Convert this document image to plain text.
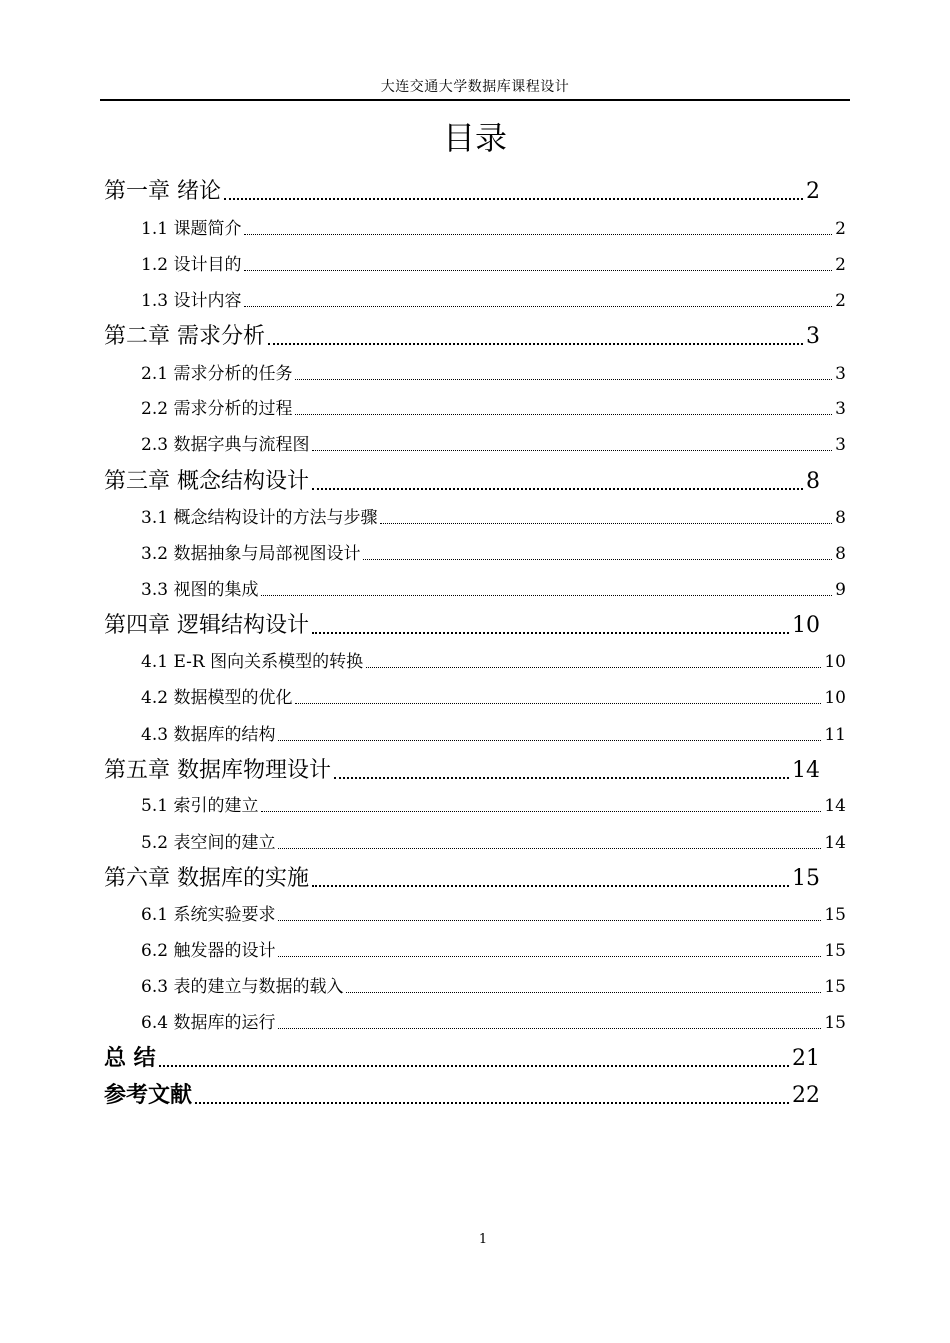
大连交通大学数据库课程设计
目录
第一章 绪论	2
1.1 课题简介	2
1.2 设计目的	2
1.3 设计内容	2
第二章 需求分析	3
2.1 需求分析的任务	3
2.2 需求分析的过程	3
2.3 数据字典与流程图	3
第三章 概念结构设计	8
3.1 概念结构设计的方法与步骤	8
3.2 数据抽象与局部视图设计	8
3.3 视图的集成	9
第四章 逻辑结构设计	10
4.1 E-R 图向关系模型的转换	10
4.2 数据模型的优化	10
4.3 数据库的结构	11
第五章 数据库物理设计	14
5.1 索引的建立	14
5.2 表空间的建立	14
第六章 数据库的实施	15
6.1 系统实验要求	15
6.2 触发器的设计	15
6.3 表的建立与数据的载入	15
6.4 数据库的运行	15
总 结	21
参考文献	22
1
